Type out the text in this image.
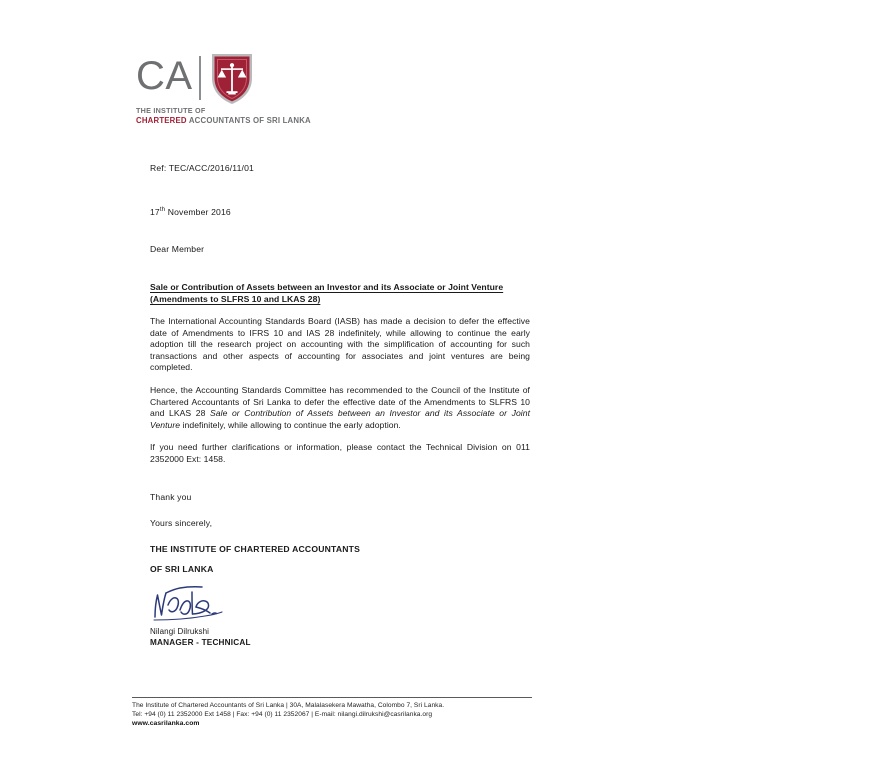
CA
THE INSTITUTE OF
CHARTERED ACCOUNTANTS OF SRI LANKA
Ref: TEC/ACC/2016/11/01
17th November 2016
Dear Member
Sale or Contribution of Assets between an Investor and its Associate or Joint Venture
(Amendments to SLFRS 10 and LKAS 28)

The International Accounting Standards Board (IASB) has made a decision to defer the effective date of Amendments to IFRS 10 and IAS 28 indefinitely, while allowing to continue the early adoption till the research project on accounting with the simplification of accounting for such transactions and other aspects of accounting for associates and joint ventures are being completed.

Hence, the Accounting Standards Committee has recommended to the Council of the Institute of Chartered Accountants of Sri Lanka to defer the effective date of the Amendments to SLFRS 10 and LKAS 28 Sale or Contribution of Assets between an Investor and its Associate or Joint Venture indefinitely, while allowing to continue the early adoption.

If you need further clarifications or information, please contact the Technical Division on 011 2352000 Ext: 1458.

Thank you
Yours sincerely,
THE INSTITUTE OF CHARTERED ACCOUNTANTS
OF SRI LANKA
Nilangi Dilrukshi
MANAGER - TECHNICAL
The Institute of Chartered Accountants of Sri Lanka | 30A, Malalasekera Mawatha, Colombo 7, Sri Lanka.
Tel: +94 (0) 11 2352000 Ext 1458 | Fax: +94 (0) 11 2352067 | E-mail: nilangi.dilrukshi@casrilanka.org
www.casrilanka.com
